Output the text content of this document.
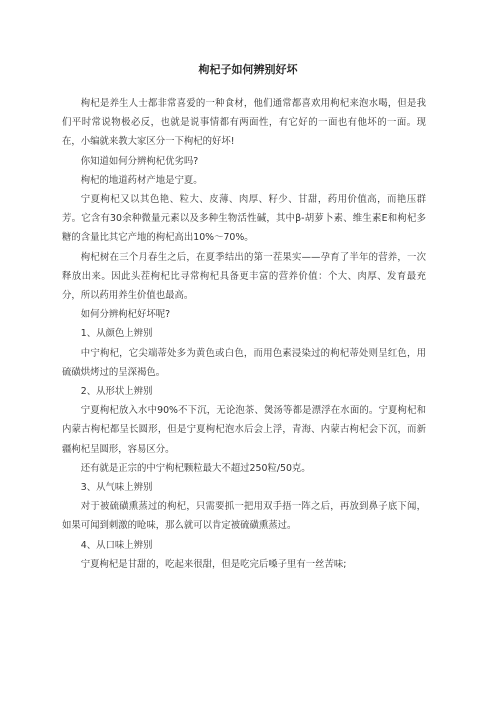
枸杞子如何辨别好坏

枸杞是养生人士都非常喜爱的一种食材，他们通常都喜欢用枸杞来泡水喝，但是我们平时常说物极必反，也就是说事情都有两面性，有它好的一面也有他坏的一面。现在，小编就来教大家区分一下枸杞的好坏!

你知道如何分辨枸杞优劣吗?

枸杞的地道药材产地是宁夏。

宁夏枸杞又以其色艳、粒大、皮薄、肉厚、籽少、甘甜，药用价值高，而艳压群芳。它含有30余种微量元素以及多种生物活性碱，其中β-胡萝卜素、维生素E和枸杞多糖的含量比其它产地的枸杞高出10%～70%。

枸杞树在三个月春生之后，在夏季结出的第一茬果实——孕育了半年的营养，一次释放出来。因此头茬枸杞比寻常枸杞具备更丰富的营养价值：个大、肉厚、发育最充分，所以药用养生价值也最高。

如何分辨枸杞好坏呢?

1、从颜色上辨别

中宁枸杞，它尖端蒂处多为黄色或白色，而用色素浸染过的枸杞蒂处则呈红色，用硫磺烘烤过的呈深褐色。

2、从形状上辨别

宁夏枸杞放入水中90%不下沉，无论泡茶、煲汤等都是漂浮在水面的。宁夏枸杞和内蒙古枸杞都呈长圆形，但是宁夏枸杞泡水后会上浮，青海、内蒙古枸杞会下沉，而新疆枸杞呈圆形，容易区分。

还有就是正宗的中宁枸杞颗粒最大不超过250粒/50克。

3、从气味上辨别

对于被硫磺熏蒸过的枸杞，只需要抓一把用双手捂一阵之后，再放到鼻子底下闻，如果可闻到刺激的呛味，那么就可以肯定被硫磺熏蒸过。

4、从口味上辨别

宁夏枸杞是甘甜的，吃起来很甜，但是吃完后嗓子里有一丝苦味;
